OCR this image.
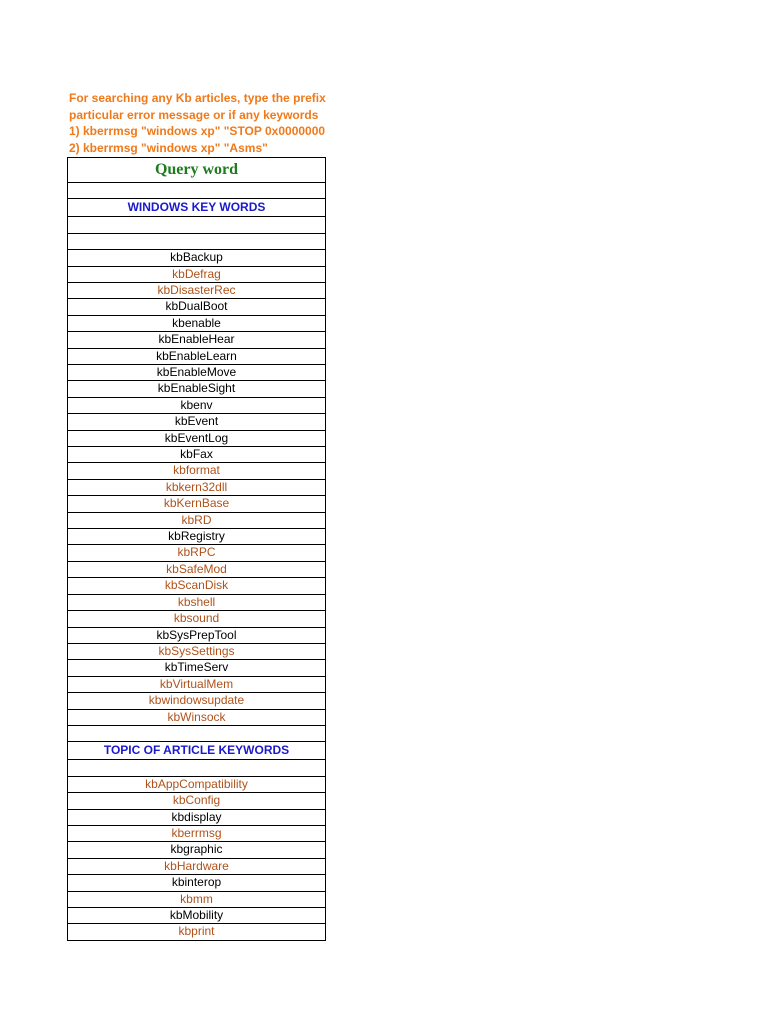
For searching any Kb articles, type the prefix
particular error message or if any keywords
1) kberrmsg "windows xp" "STOP 0x0000000
2) kberrmsg "windows xp" "Asms"
Query word

WINDOWS KEY WORDS

kbBackup
kbDefrag
kbDisasterRec
kbDualBoot
kbenable
kbEnableHear
kbEnableLearn
kbEnableMove
kbEnableSight
kbenv
kbEvent
kbEventLog
kbFax
kbformat
kbkern32dll
kbKernBase
kbRD
kbRegistry
kbRPC
kbSafeMod
kbScanDisk
kbshell
kbsound
kbSysPrepTool
kbSysSettings
kbTimeServ
kbVirtualMem
kbwindowsupdate
kbWinsock

TOPIC OF ARTICLE KEYWORDS

kbAppCompatibility
kbConfig
kbdisplay
kberrmsg
kbgraphic
kbHardware
kbinterop
kbmm
kbMobility
kbprint
